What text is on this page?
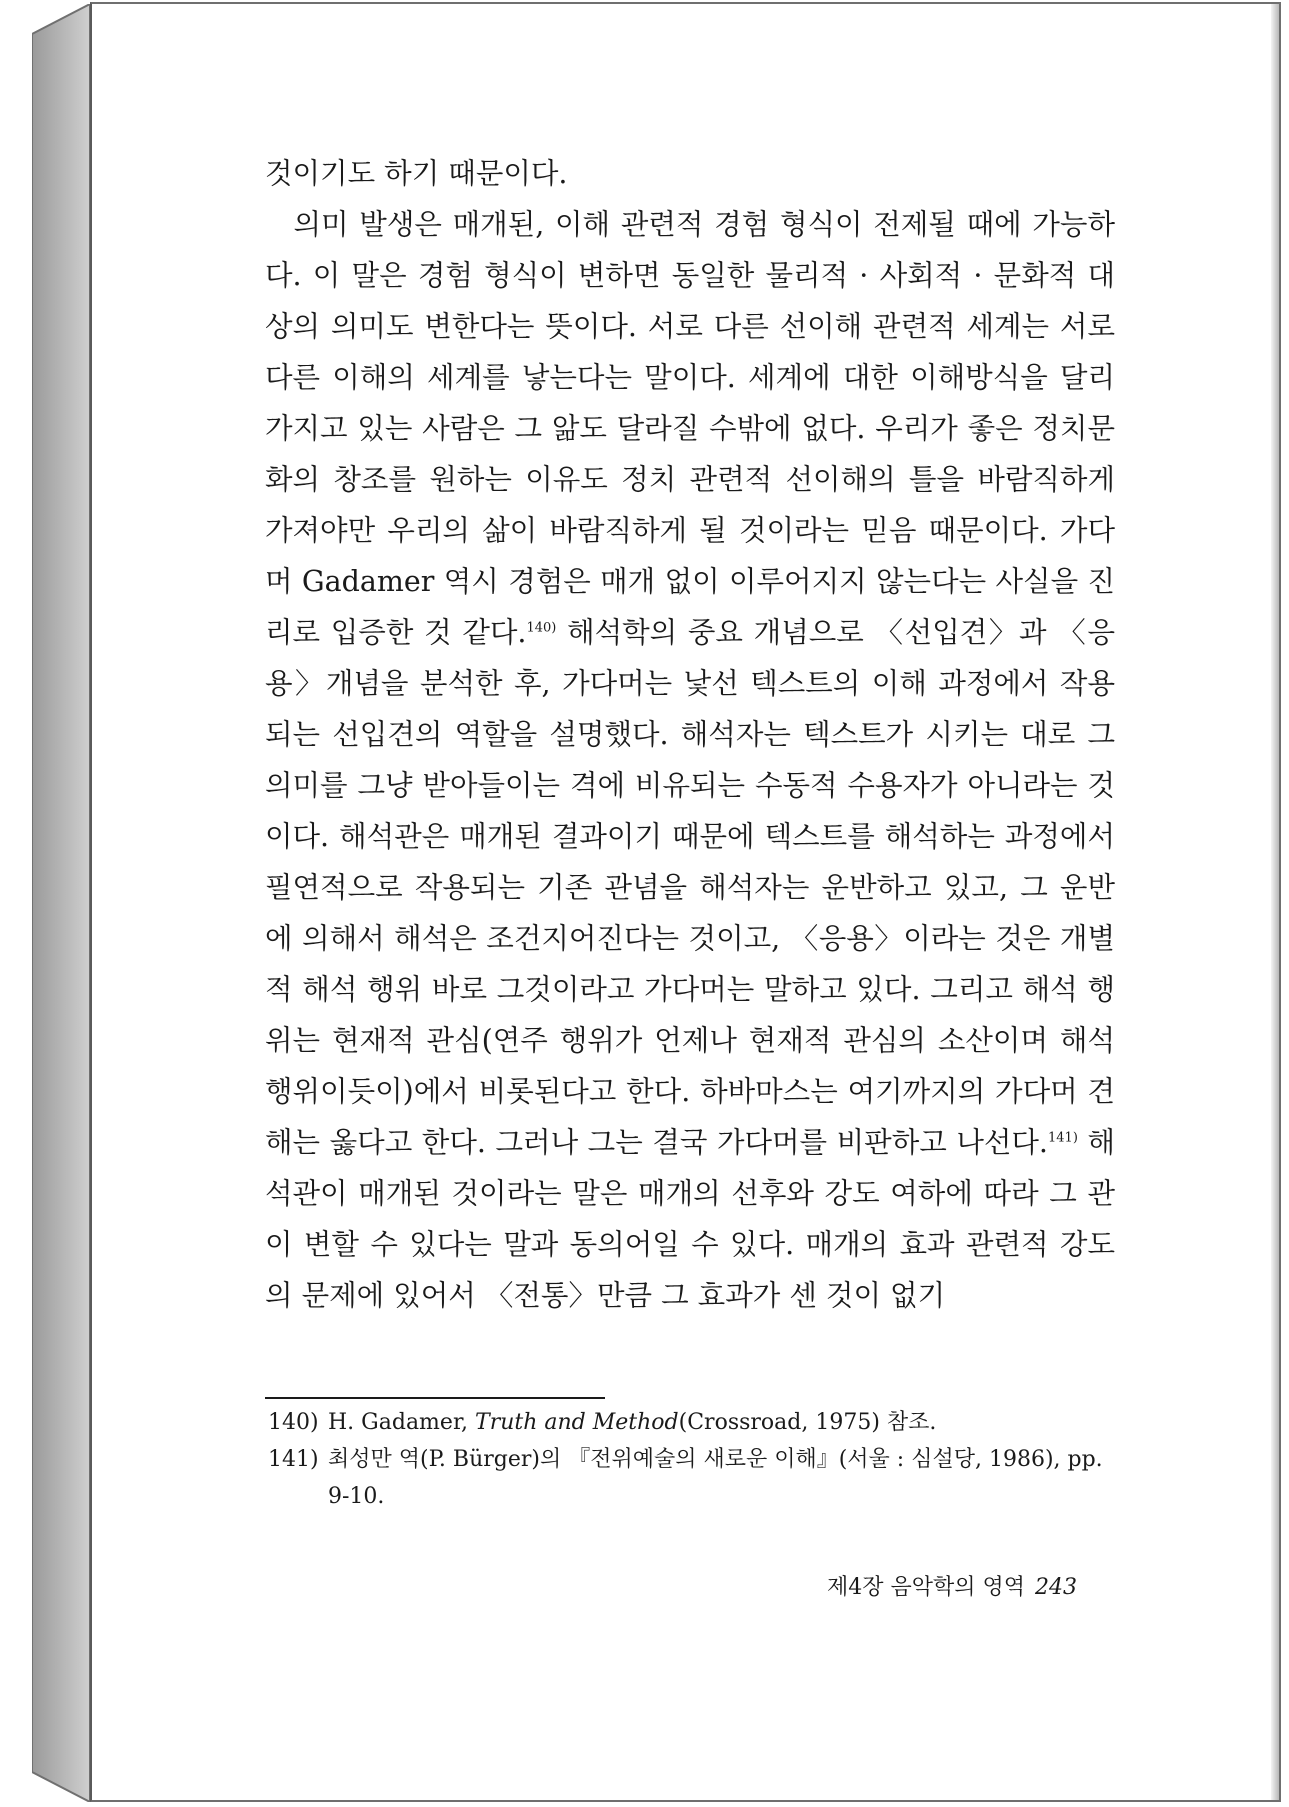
것이기도 하기 때문이다.

의미 발생은 매개된, 이해 관련적 경험 형식이 전제될 때에 가능하다. 이 말은 경험 형식이 변하면 동일한 물리적 · 사회적 · 문화적 대상의 의미도 변한다는 뜻이다. 서로 다른 선이해 관련적 세계는 서로 다른 이해의 세계를 낳는다는 말이다. 세계에 대한 이해방식을 달리 가지고 있는 사람은 그 앎도 달라질 수밖에 없다. 우리가 좋은 정치문화의 창조를 원하는 이유도 정치 관련적 선이해의 틀을 바람직하게 가져야만 우리의 삶이 바람직하게 될 것이라는 믿음 때문이다. 가다머 Gadamer 역시 경험은 매개 없이 이루어지지 않는다는 사실을 진리로 입증한 것 같다.$^{140)}$ 해석학의 중요 개념으로 〈선입견〉과 〈응용〉개념을 분석한 후, 가다머는 낯선 텍스트의 이해 과정에서 작용되는 선입견의 역할을 설명했다. 해석자는 텍스트가 시키는 대로 그 의미를 그냥 받아들이는 격에 비유되는 수동적 수용자가 아니라는 것이다. 해석관은 매개된 결과이기 때문에 텍스트를 해석하는 과정에서 필연적으로 작용되는 기존 관념을 해석자는 운반하고 있고, 그 운반에 의해서 해석은 조건지어진다는 것이고, 〈응용〉이라는 것은 개별적 해석 행위 바로 그것이라고 가다머는 말하고 있다. 그리고 해석 행위는 현재적 관심(연주 행위가 언제나 현재적 관심의 소산이며 해석 행위이듯이)에서 비롯된다고 한다. 하바마스는 여기까지의 가다머 견해는 옳다고 한다. 그러나 그는 결국 가다머를 비판하고 나선다.$^{141)}$ 해석관이 매개된 것이라는 말은 매개의 선후와 강도 여하에 따라 그 관이 변할 수 있다는 말과 동의어일 수 있다. 매개의 효과 관련적 강도의 문제에 있어서 〈전통〉만큼 그 효과가 센 것이 없기

140) H. Gadamer, Truth and Method(Crossroad, 1975) 참조.
141) 최성만 역(P. Bürger)의 『전위예술의 새로운 이해』(서울 : 심설당, 1986), pp. 9-10.
제4장 음악학의 영역 243
